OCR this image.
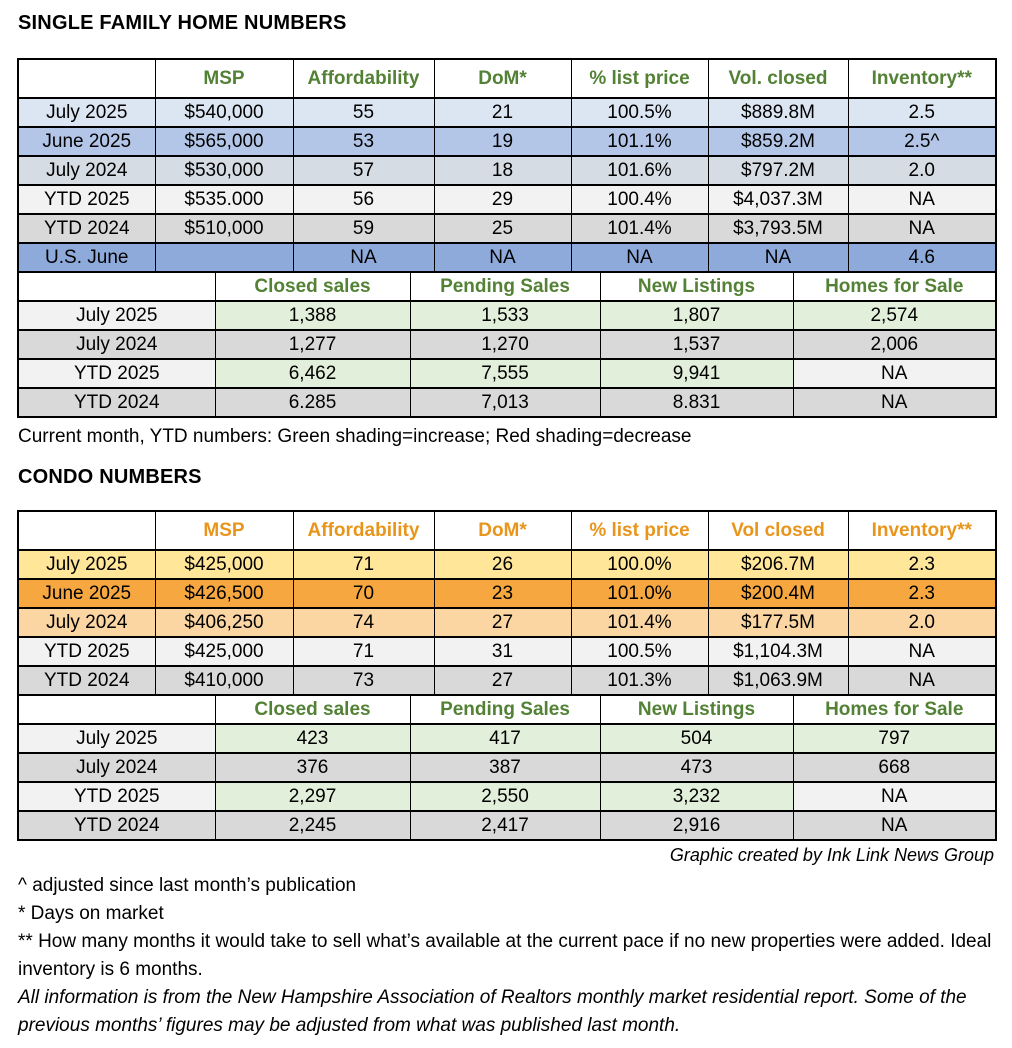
SINGLE FAMILY HOME NUMBERS
	MSP	Affordability	DoM*	% list price	Vol. closed	Inventory**
July 2025	$540,000	55	21	100.5%	$889.8M	2.5
June 2025	$565,000	53	19	101.1%	$859.2M	2.5^
July 2024	$530,000	57	18	101.6%	$797.2M	2.0
YTD 2025	$535.000	56	29	100.4%	$4,037.3M	NA
YTD 2024	$510,000	59	25	101.4%	$3,793.5M	NA
U.S. June		NA	NA	NA	NA	4.6
	Closed sales	Pending Sales	New Listings	Homes for Sale
July 2025	1,388	1,533	1,807	2,574
July 2024	1,277	1,270	1,537	2,006
YTD 2025	6,462	7,555	9,941	NA
YTD 2024	6.285	7,013	8.831	NA
Current month, YTD numbers: Green shading=increase; Red shading=decrease
CONDO NUMBERS
	MSP	Affordability	DoM*	% list price	Vol closed	Inventory**
July 2025	$425,000	71	26	100.0%	$206.7M	2.3
June 2025	$426,500	70	23	101.0%	$200.4M	2.3
July 2024	$406,250	74	27	101.4%	$177.5M	2.0
YTD 2025	$425,000	71	31	100.5%	$1,104.3M	NA
YTD 2024	$410,000	73	27	101.3%	$1,063.9M	NA
	Closed sales	Pending Sales	New Listings	Homes for Sale
July 2025	423	417	504	797
July 2024	376	387	473	668
YTD 2025	2,297	2,550	3,232	NA
YTD 2024	2,245	2,417	2,916	NA
Graphic created by Ink Link News Group
^ adjusted since last month’s publication
* Days on market
** How many months it would take to sell what’s available at the current pace if no new properties were added. Ideal inventory is 6 months.
All information is from the New Hampshire Association of Realtors monthly market residential report. Some of the previous months’ figures may be adjusted from what was published last month.
